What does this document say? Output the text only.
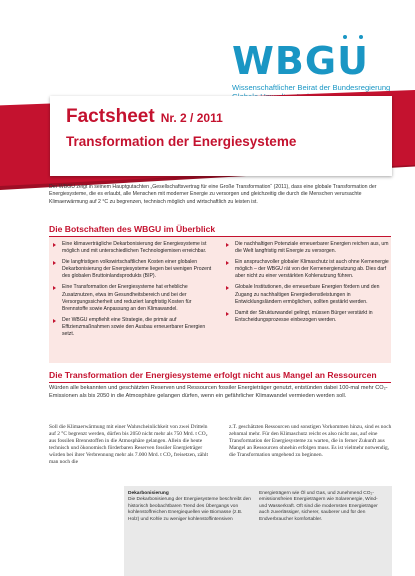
W B G U
Wissenschaftlicher Beirat der Bundesregierung
Factsheet Nr. 2 / 2011
Transformation der Energiesysteme
Der WBGU zeigt in seinem Hauptgutachten „Gesellschaftsvertrag für eine Große Transformation“ (2011), dass eine globale Transformation der Energiesysteme, die es erlaubt, alle Menschen mit moderner Energie zu versorgen und gleichzeitig die durch die Menschen verursachte Klimaerwärmung auf 2 °C zu begrenzen, technisch möglich und wirtschaftlich zu leisten ist.
Die Botschaften des WBGU im Überblick
Eine klimaverträgliche Dekarbonisierung der Energiesysteme ist möglich und mit unterschiedlichen Technologiemixen erreichbar.
Die langfristigen volkswirtschaftlichen Kosten einer globalen Dekarbonisierung der Energiesysteme liegen bei wenigen Prozent des globalen Bruttoinlandsprodukts (BIP).
Eine Transformation der Energiesysteme hat erhebliche Zusatznutzen, etwa im Gesundheitsbereich und bei der Versorgungssicherheit und reduziert langfristig Kosten für Brennstoffe sowie Anpassung an den Klimawandel.
Der WBGU empfiehlt eine Strategie, die primär auf Effizienzmaßnahmen sowie den Ausbau erneuerbarer Energien setzt.
Die nachhaltigen Potenziale erneuerbarer Energien reichen aus, um die Welt langfristig mit Energie zu versorgen.
Ein anspruchsvoller globaler Klimaschutz ist auch ohne Kernenergie möglich – der WBGU rät von der Kernenergienutzung ab. Dies darf aber nicht zu einer verstärkten Kohlenutzung führen.
Globale Institutionen, die erneuerbare Energien fördern und den Zugang zu nachhaltigen Energiedienstleistungen in Entwicklungsländern ermöglichen, sollten gestärkt werden.
Damit der Strukturwandel gelingt, müssen Bürger verstärkt in Entscheidungsprozesse einbezogen werden.
Die Transformation der Energiesysteme erfolgt nicht aus Mangel an Ressourcen
Würden alle bekannten und geschätzten Reserven und Ressourcen fossiler Energieträger genutzt, entstünden dabei 100-mal mehr CO₂-Emissionen als bis 2050 in die Atmosphäre gelangen dürfen, wenn ein gefährlicher Klimawandel vermieden werden soll.
Soll die Klimaerwärmung mit einer Wahrscheinlichkeit von zwei Dritteln auf 2 °C begrenzt werden, dürfen bis 2050 nicht mehr als 750 Mrd. t CO₂ aus fossilen Brennstoffen in die Atmosphäre gelangen. Allein die heute technisch und ökonomisch förderbaren Reserven fossiler Energieträger würden bei ihrer Verbrennung mehr als 7.000 Mrd. t CO₂ freisetzen, zählt man noch die
z.T. geschätzten Ressourcen und sonstigen Vorkommen hinzu, sind es noch zehnmal mehr. Für den Klimaschutz reicht es also nicht aus, auf eine Transformation der Energiesysteme zu warten, die in ferner Zukunft aus Mangel an Ressourcen ohnehin erfolgen muss. Es ist vielmehr notwendig, die Transformation umgehend zu beginnen.
Dekarbonisierung
Die Dekarbonisierung der Energiesysteme beschreibt den historisch beobachtbaren Trend des Übergangs von kohlenstoffreichen Energiequellen wie Biomasse (z.B. Holz) und Kohle zu weniger kohlenstoffintensiven
Energieträgern wie Öl und Gas, und zunehmend CO₂-emissionsfreien Energieträgern wie Solarenergie, Wind- und Wasserkraft. Oft sind die modernsten Energieträger auch zuverlässiger, sicherer, sauberer und für den Endverbraucher komfortabler.
